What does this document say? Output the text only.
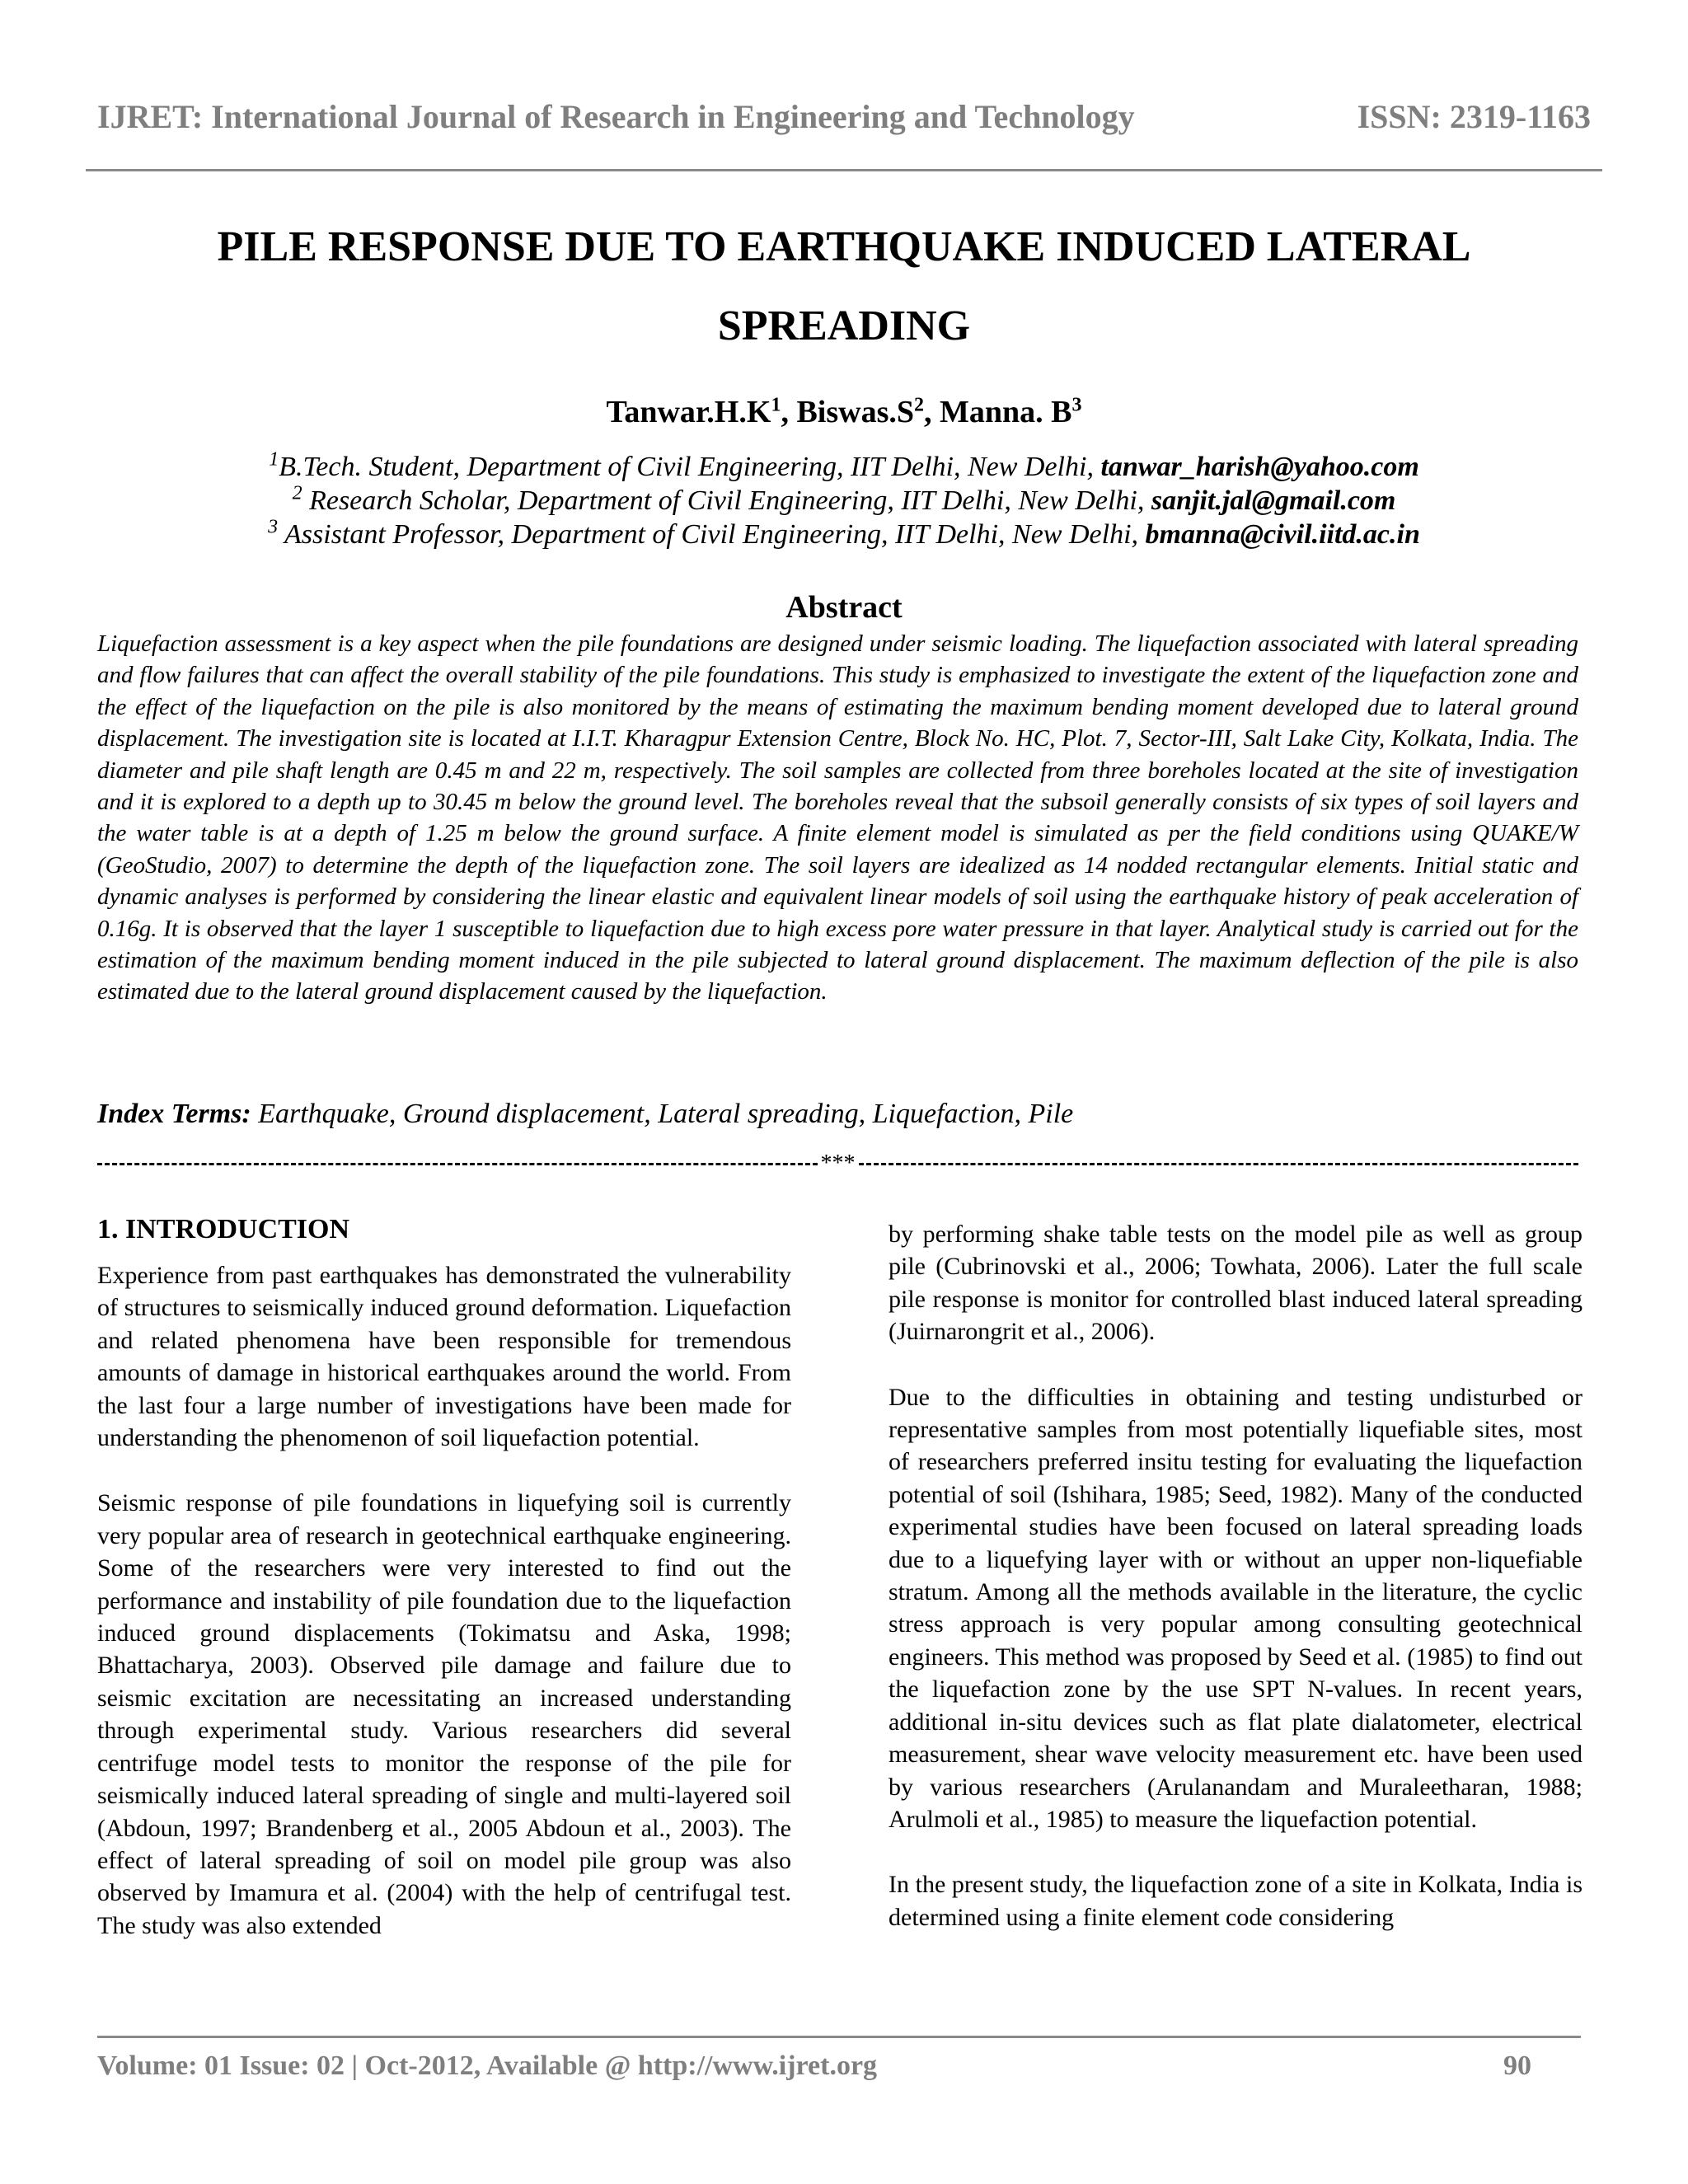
IJRET: International Journal of Research in Engineering and Technology	ISSN: 2319-1163
PILE RESPONSE DUE TO EARTHQUAKE INDUCED LATERAL
SPREADING
$Tanwar.H.K^1$, $Biswas.S^2$, Manna. $B^3$
$^1$B.Tech. Student, Department of Civil Engineering, IIT Delhi, New Delhi, tanwar_harish@yahoo.com
$^2$ Research Scholar, Department of Civil Engineering, IIT Delhi, New Delhi, sanjit.jal@gmail.com
$^3$ Assistant Professor, Department of Civil Engineering, IIT Delhi, New Delhi, bmanna@civil.iitd.ac.in
Abstract

Liquefaction assessment is a key aspect when the pile foundations are designed under seismic loading. The liquefaction associated with lateral spreading and flow failures that can affect the overall stability of the pile foundations. This study is emphasized to investigate the extent of the liquefaction zone and the effect of the liquefaction on the pile is also monitored by the means of estimating the maximum bending moment developed due to lateral ground displacement. The investigation site is located at I.I.T. Kharagpur Extension Centre, Block No. HC, Plot. 7, Sector-III, Salt Lake City, Kolkata, India. The diameter and pile shaft length are 0.45 m and 22 m, respectively. The soil samples are collected from three boreholes located at the site of investigation and it is explored to a depth up to 30.45 m below the ground level. The boreholes reveal that the subsoil generally consists of six types of soil layers and the water table is at a depth of 1.25 m below the ground surface. A finite element model is simulated as per the field conditions using QUAKE/W (GeoStudio, 2007) to determine the depth of the liquefaction zone. The soil layers are idealized as 14 nodded rectangular elements. Initial static and dynamic analyses is performed by considering the linear elastic and equivalent linear models of soil using the earthquake history of peak acceleration of 0.16g. It is observed that the layer 1 susceptible to liquefaction due to high excess pore water pressure in that layer. Analytical study is carried out for the estimation of the maximum bending moment induced in the pile subjected to lateral ground displacement. The maximum deflection of the pile is also estimated due to the lateral ground displacement caused by the liquefaction.

Index Terms: Earthquake, Ground displacement, Lateral spreading, Liquefaction, Pile

***
1. INTRODUCTION

Experience from past earthquakes has demonstrated the vulnerability of structures to seismically induced ground deformation. Liquefaction and related phenomena have been responsible for tremendous amounts of damage in historical earthquakes around the world. From the last four a large number of investigations have been made for understanding the phenomenon of soil liquefaction potential.

Seismic response of pile foundations in liquefying soil is currently very popular area of research in geotechnical earthquake engineering. Some of the researchers were very interested to find out the performance and instability of pile foundation due to the liquefaction induced ground displacements (Tokimatsu and Aska, 1998; Bhattacharya, 2003). Observed pile damage and failure due to seismic excitation are necessitating an increased understanding through experimental study. Various researchers did several centrifuge model tests to monitor the response of the pile for seismically induced lateral spreading of single and multi-layered soil (Abdoun, 1997; Brandenberg et al., 2005 Abdoun et al., 2003). The effect of lateral spreading of soil on model pile group was also observed by Imamura et al. (2004) with the help of centrifugal test. The study was also extended

by performing shake table tests on the model pile as well as group pile (Cubrinovski et al., 2006; Towhata, 2006). Later the full scale pile response is monitor for controlled blast induced lateral spreading (Juirnarongrit et al., 2006).

Due to the difficulties in obtaining and testing undisturbed or representative samples from most potentially liquefiable sites, most of researchers preferred insitu testing for evaluating the liquefaction potential of soil (Ishihara, 1985; Seed, 1982). Many of the conducted experimental studies have been focused on lateral spreading loads due to a liquefying layer with or without an upper non-liquefiable stratum. Among all the methods available in the literature, the cyclic stress approach is very popular among consulting geotechnical engineers. This method was proposed by Seed et al. (1985) to find out the liquefaction zone by the use SPT N-values. In recent years, additional in-situ devices such as flat plate dialatometer, electrical measurement, shear wave velocity measurement etc. have been used by various researchers (Arulanandam and Muraleetharan, 1988; Arulmoli et al., 1985) to measure the liquefaction potential.

In the present study, the liquefaction zone of a site in Kolkata, India is determined using a finite element code considering

Volume: 01 Issue: 02 | Oct-2012, Available @ http://www.ijret.org	90
